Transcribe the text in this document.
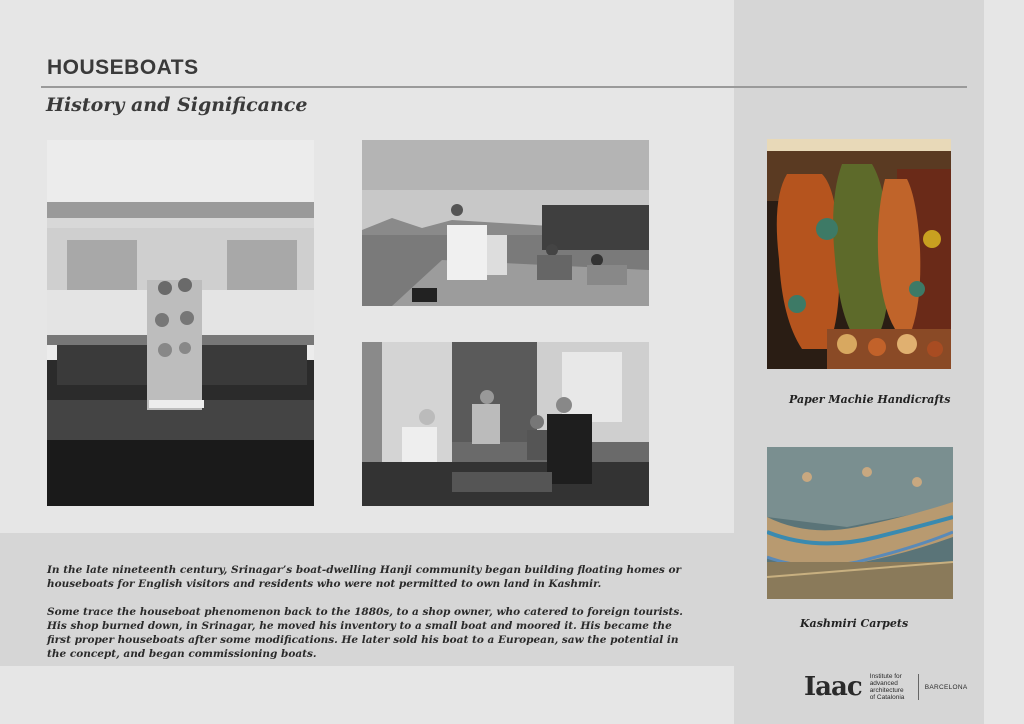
HOUSEBOATS
History and Significance
Paper Machie Handicrafts
Kashmiri Carpets

In the late nineteenth century, Srinagar’s boat-dwelling Hanji community began building floating homes or houseboats for English visitors and residents who were not permitted to own land in Kashmir.

Some trace the houseboat phenomenon back to the 1880s, to a shop owner, who catered to foreign tourists. His shop burned down, in Srinagar, he moved his inventory to a small boat and moored it. His became the first proper houseboats after some modifications. He later sold his boat to a European, saw the potential in the concept, and began commissioning boats.

Iaac Institute for
advanced
architecture
of Catalonia
BARCELONA
